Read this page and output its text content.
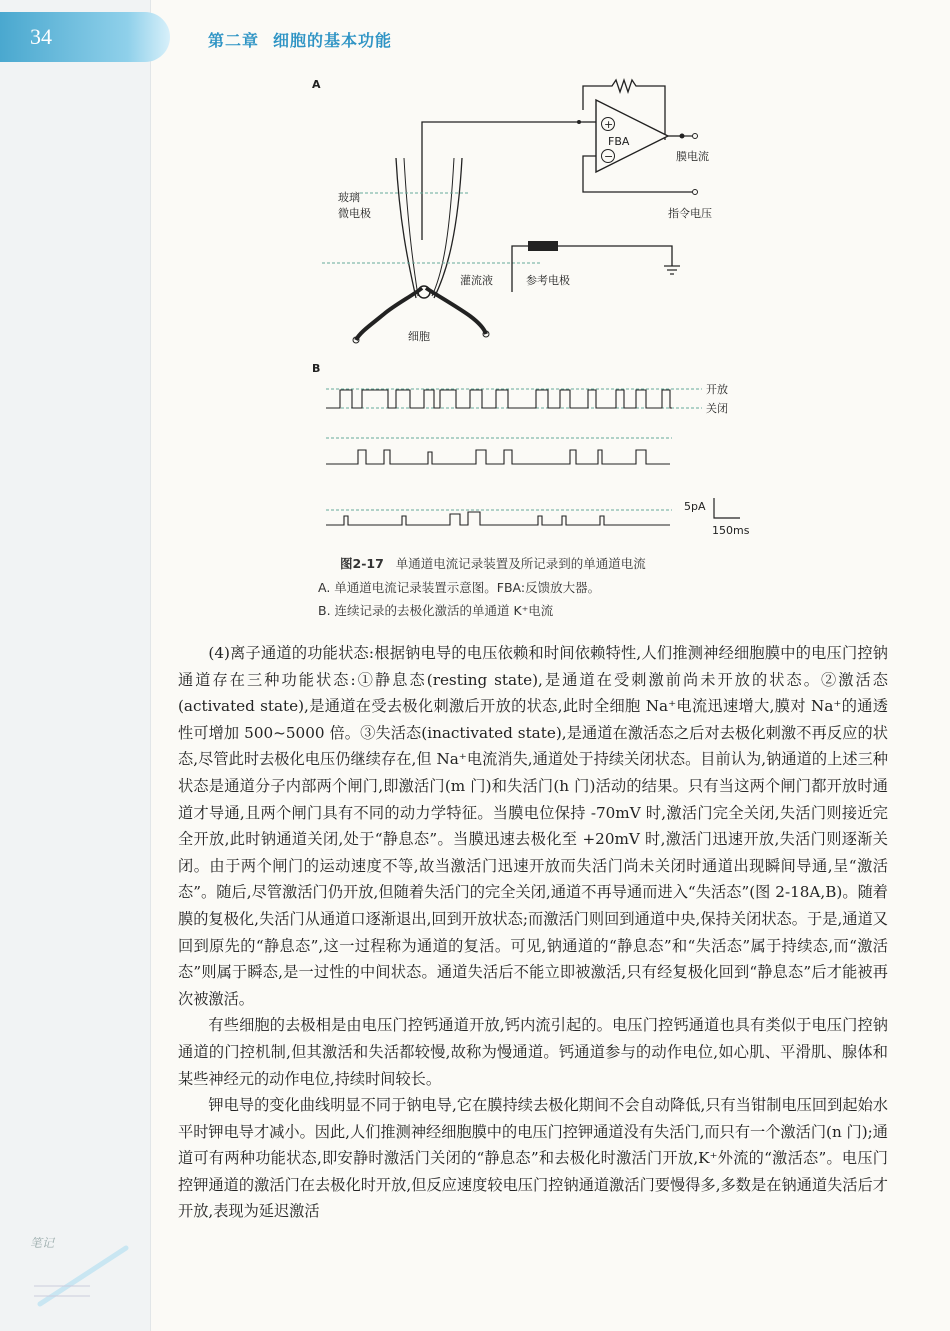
34	第二章 细胞的基本功能
A
+
−
FBA
膜电流
指令电压
玻璃
微电极
灌流液	参考电极
细胞
B
开放
关闭
5pA
150ms
图2-17 单通道电流记录装置及所记录到的单通道电流
A. 单通道电流记录装置示意图。FBA:反馈放大器。
B. 连续记录的去极化激活的单通道 K⁺电流

(4)离子通道的功能状态:根据钠电导的电压依赖和时间依赖特性,人们推测神经细胞膜中的电压门控钠通道存在三种功能状态:①静息态(resting state),是通道在受刺激前尚未开放的状态。②激活态(activated state),是通道在受去极化刺激后开放的状态,此时全细胞 Na⁺电流迅速增大,膜对 Na⁺的通透性可增加 500~5000 倍。③失活态(inactivated state),是通道在激活态之后对去极化刺激不再反应的状态,尽管此时去极化电压仍继续存在,但 Na⁺电流消失,通道处于持续关闭状态。目前认为,钠通道的上述三种状态是通道分子内部两个闸门,即激活门(m 门)和失活门(h 门)活动的结果。只有当这两个闸门都开放时通道才导通,且两个闸门具有不同的动力学特征。当膜电位保持 -70mV 时,激活门完全关闭,失活门则接近完全开放,此时钠通道关闭,处于“静息态”。当膜迅速去极化至 +20mV 时,激活门迅速开放,失活门则逐渐关闭。由于两个闸门的运动速度不等,故当激活门迅速开放而失活门尚未关闭时通道出现瞬间导通,呈“激活态”。随后,尽管激活门仍开放,但随着失活门的完全关闭,通道不再导通而进入“失活态”(图 2-18A,B)。随着膜的复极化,失活门从通道口逐渐退出,回到开放状态;而激活门则回到通道中央,保持关闭状态。于是,通道又回到原先的“静息态”,这一过程称为通道的复活。可见,钠通道的“静息态”和“失活态”属于持续态,而“激活态”则属于瞬态,是一过性的中间状态。通道失活后不能立即被激活,只有经复极化回到“静息态”后才能被再次被激活。

有些细胞的去极相是由电压门控钙通道开放,钙内流引起的。电压门控钙通道也具有类似于电压门控钠通道的门控机制,但其激活和失活都较慢,故称为慢通道。钙通道参与的动作电位,如心肌、平滑肌、腺体和某些神经元的动作电位,持续时间较长。

钾电导的变化曲线明显不同于钠电导,它在膜持续去极化期间不会自动降低,只有当钳制电压回到起始水平时钾电导才减小。因此,人们推测神经细胞膜中的电压门控钾通道没有失活门,而只有一个激活门(n 门);通道可有两种功能状态,即安静时激活门关闭的“静息态”和去极化时激活门开放,K⁺外流的“激活态”。电压门控钾通道的激活门在去极化时开放,但反应速度较电压门控钠通道激活门要慢得多,多数是在钠通道失活后才开放,表现为延迟激活

笔记
